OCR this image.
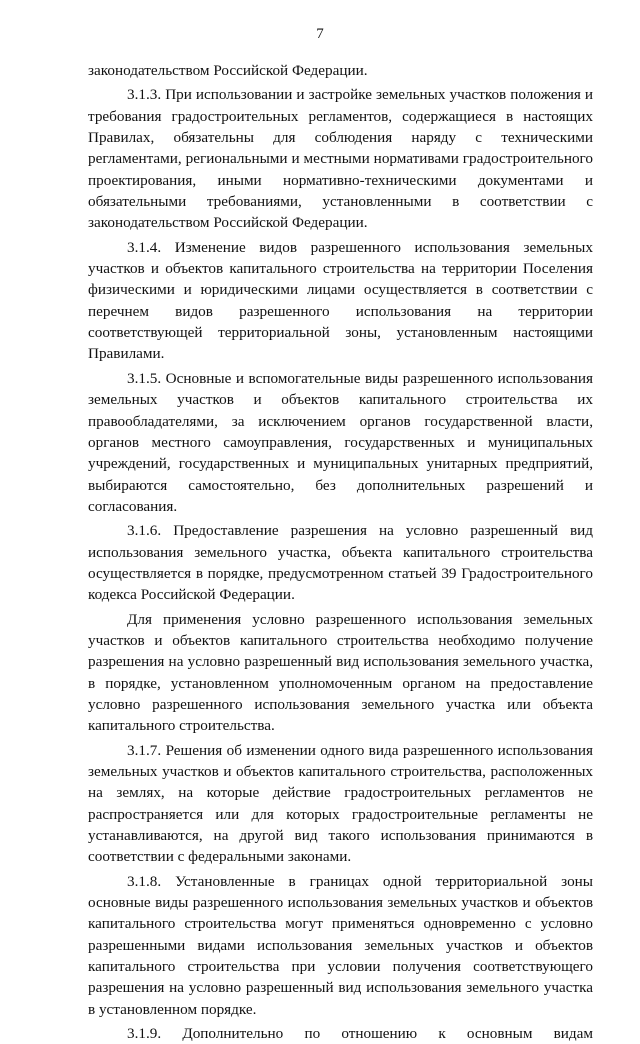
7

законодательством Российской Федерации.

3.1.3. При использовании и застройке земельных участков положения и требования градостроительных регламентов, содержащиеся в настоящих Правилах, обязательны для соблюдения наряду с техническими регламентами, региональными и местными нормативами градостроительного проектирования, иными нормативно-техническими документами и обязательными требованиями, установленными в соответствии с законодательством Российской Федерации.

3.1.4. Изменение видов разрешенного использования земельных участков и объектов капитального строительства на территории Поселения физическими и юридическими лицами осуществляется в соответствии с перечнем видов разрешенного использования на территории соответствующей территориальной зоны, установленным настоящими Правилами.

3.1.5. Основные и вспомогательные виды разрешенного использования земельных участков и объектов капитального строительства их правообладателями, за исключением органов государственной власти, органов местного самоуправления, государственных и муниципальных учреждений, государственных и муниципальных унитарных предприятий, выбираются самостоятельно, без дополнительных разрешений и согласования.

3.1.6. Предоставление разрешения на условно разрешенный вид использования земельного участка, объекта капитального строительства осуществляется в порядке, предусмотренном статьей 39 Градостроительного кодекса Российской Федерации.

Для применения условно разрешенного использования земельных участков и объектов капитального строительства необходимо получение разрешения на условно разрешенный вид использования земельного участка, в порядке, установленном уполномоченным органом на предоставление условно разрешенного использования земельного участка или объекта капитального строительства.

3.1.7. Решения об изменении одного вида разрешенного использования земельных участков и объектов капитального строительства, расположенных на землях, на которые действие градостроительных регламентов не распространяется или для которых градостроительные регламенты не устанавливаются, на другой вид такого использования принимаются в соответствии с федеральными законами.

3.1.8. Установленные в границах одной территориальной зоны основные виды разрешенного использования земельных участков и объектов капитального строительства могут применяться одновременно с условно разрешенными видами использования земельных участков и объектов капитального строительства при условии получения соответствующего разрешения на условно разрешенный вид использования земельного участка в установленном порядке.

3.1.9. Дополнительно по отношению к основным видам
